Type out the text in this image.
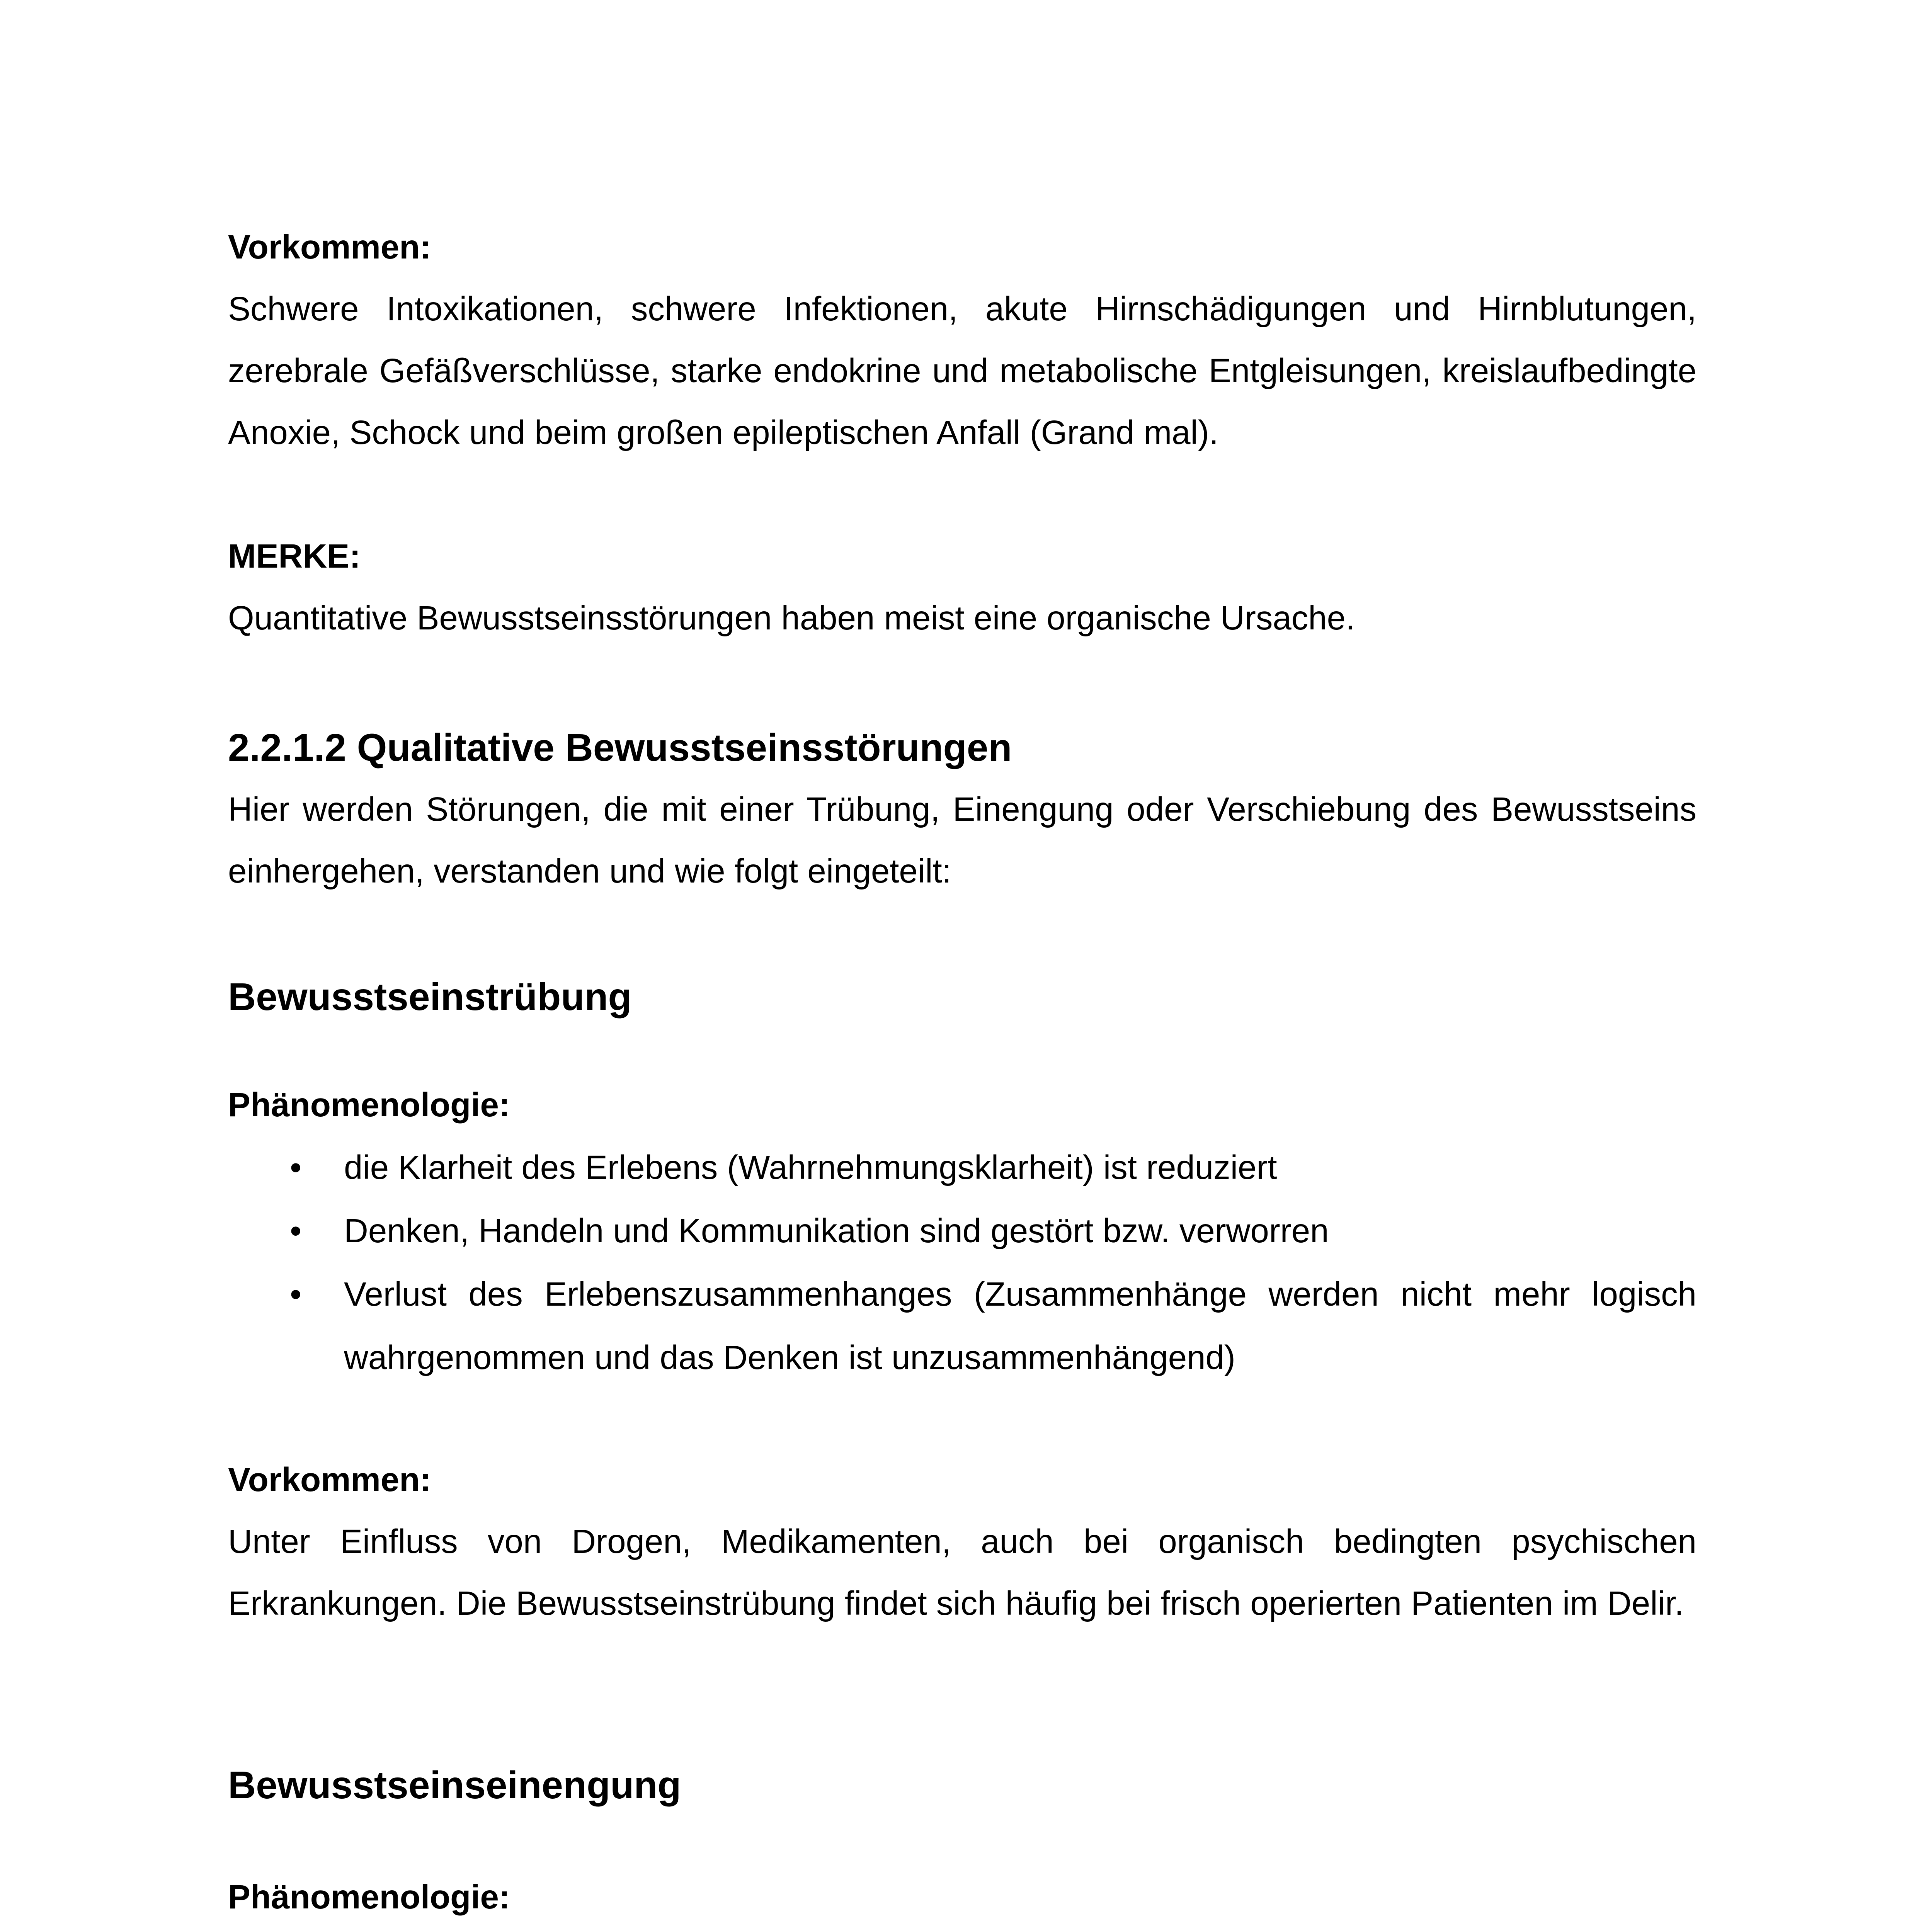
Vorkommen:

Schwere Intoxikationen, schwere Infektionen, akute Hirnschädigungen und Hirnblutungen, zerebrale Gefäßverschlüsse, starke endokrine und metabolische Entgleisungen, kreislaufbedingte Anoxie, Schock und beim großen epileptischen Anfall (Grand mal).

MERKE:

Quantitative Bewusstseinsstörungen haben meist eine organische Ursache.

2.2.1.2 Qualitative Bewusstseinsstörungen

Hier werden Störungen, die mit einer Trübung, Einengung oder Verschiebung des Bewusstseins einhergehen, verstanden und wie folgt eingeteilt:

Bewusstseinstrübung

Phänomenologie:

• die Klarheit des Erlebens (Wahrnehmungsklarheit) ist reduziert
• Denken, Handeln und Kommunikation sind gestört bzw. verworren
• Verlust des Erlebenszusammenhanges (Zusammenhänge werden nicht mehr logisch wahrgenommen und das Denken ist unzusammenhängend)

Vorkommen:

Unter Einfluss von Drogen, Medikamenten, auch bei organisch bedingten psychischen Erkrankungen. Die Bewusstseinstrübung findet sich häufig bei frisch operierten Patienten im Delir.

Bewusstseinseinengung

Phänomenologie:
